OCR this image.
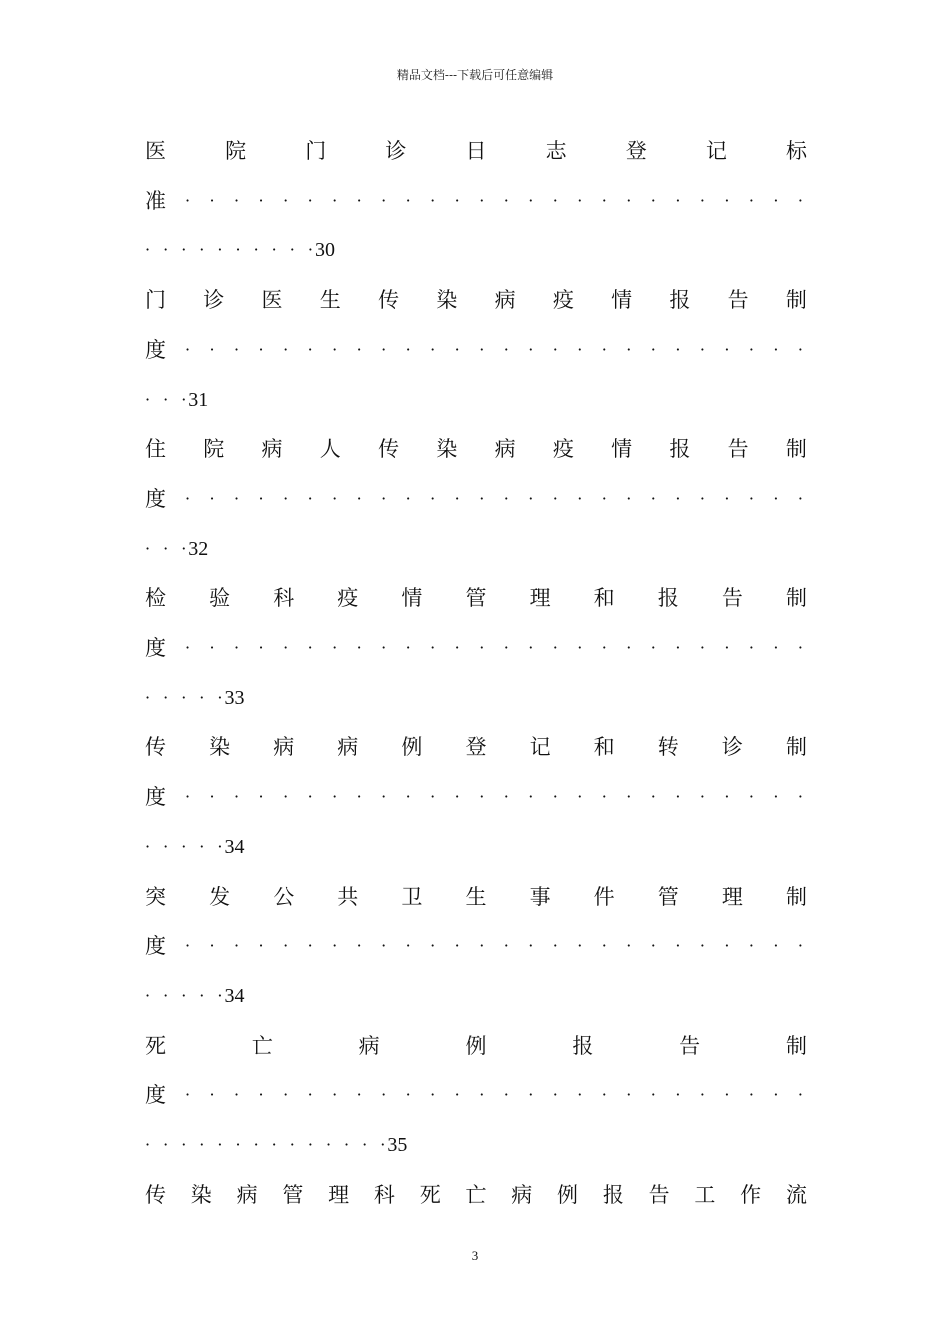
精品文档---下载后可任意编辑
医	院	门	诊	日	志	登	记	标
准	· · · · · · · · · · · · · · · · · · · · · · · · · ·
· · · · · · · · · · 30
门 诊 医 生 传 染 病 疫 情 报 告 制
度	· · · · · · · · · · · · · · · · · · · · · · · · · ·
· · · 31
住 院 病 人 传 染 病 疫 情 报 告 制
度	· · · · · · · · · · · · · · · · · · · · · · · · · ·
· · · 32
检 验 科 疫 情 管 理 和 报 告 制
度	· · · · · · · · · · · · · · · · · · · · · · · · · ·
· · · · · 33
传 染 病 病 例 登 记 和 转 诊 制
度	· · · · · · · · · · · · · · · · · · · · · · · · · ·
· · · · · 34
突 发 公 共 卫 生 事 件 管 理 制
度	· · · · · · · · · · · · · · · · · · · · · · · · · ·
· · · · · 34
死	亡	病	例	报	告	制
度	· · · · · · · · · · · · · · · · · · · · · · · · · ·
· · · · · · · · · · · · · · 35
传 染 病 管 理 科 死 亡 病 例 报 告 工 作 流
3
